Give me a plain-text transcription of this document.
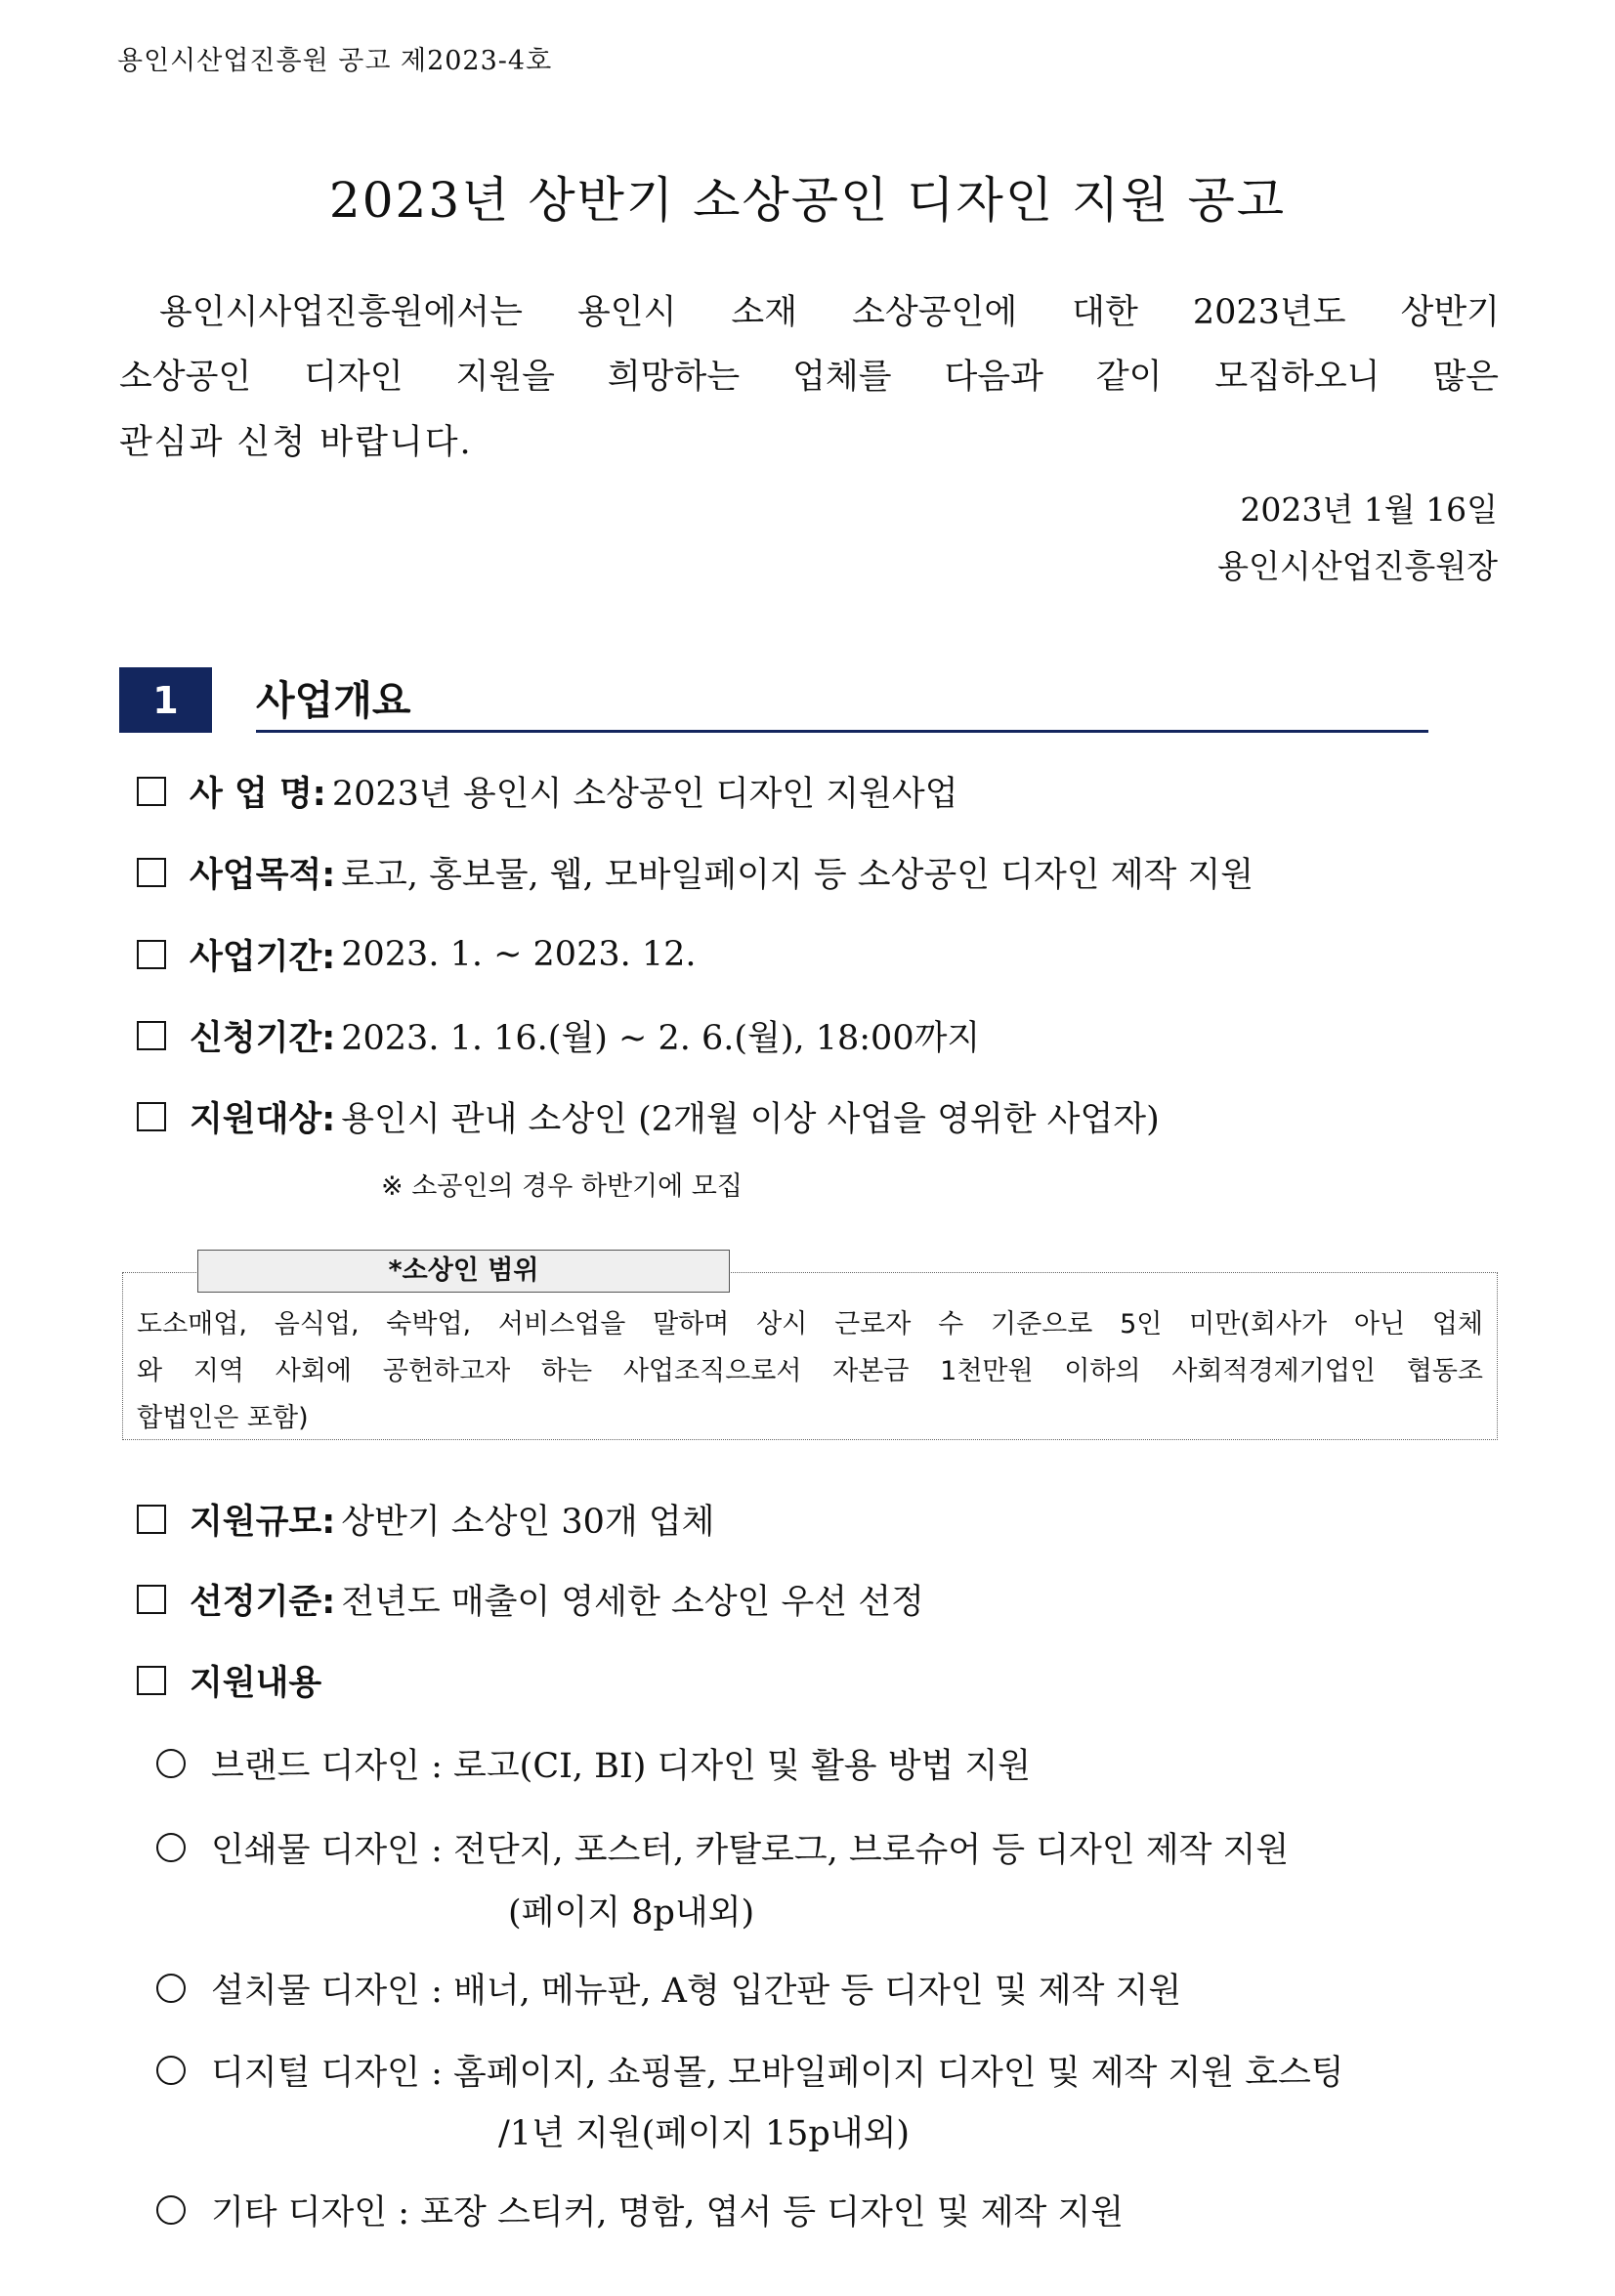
용인시산업진흥원 공고 제2023-4호
2023년 상반기 소상공인 디자인 지원 공고
용인시사업진흥원에서는 용인시 소재 소상공인에 대한 2023년도 상반기
소상공인 디자인 지원을 희망하는 업체를 다음과 같이 모집하오니 많은
관심과 신청 바랍니다.
2023년 1월 16일
용인시산업진흥원장
1	사업개요
사 업 명: 2023년 용인시 소상공인 디자인 지원사업
사업목적: 로고, 홍보물, 웹, 모바일페이지 등 소상공인 디자인 제작 지원
사업기간: 2023. 1. ~ 2023. 12.
신청기간: 2023. 1. 16.(월) ~ 2. 6.(월), 18:00까지
지원대상: 용인시 관내 소상인 (2개월 이상 사업을 영위한 사업자)
※ 소공인의 경우 하반기에 모집
*소상인 범위
도소매업, 음식업, 숙박업, 서비스업을 말하며 상시 근로자 수 기준으로 5인 미만(회사가 아닌 업체
와 지역 사회에 공헌하고자 하는 사업조직으로서 자본금 1천만원 이하의 사회적경제기업인 협동조
합법인은 포함)
지원규모: 상반기 소상인 30개 업체
선정기준: 전년도 매출이 영세한 소상인 우선 선정
지원내용
브랜드 디자인 :
로고(CI, BI) 디자인 및 활용 방법 지원
인쇄물 디자인 :
전단지, 포스터, 카탈로그, 브로슈어 등 디자인 제작 지원
(페이지 8p내외)
설치물 디자인 :
배너, 메뉴판, A형 입간판 등 디자인 및 제작 지원
디지털 디자인 :
홈페이지, 쇼핑몰, 모바일페이지 디자인 및 제작 지원 호스팅
/1년 지원(페이지 15p내외)
기타 디자인 :
포장 스티커, 명함, 엽서 등 디자인 및 제작 지원
